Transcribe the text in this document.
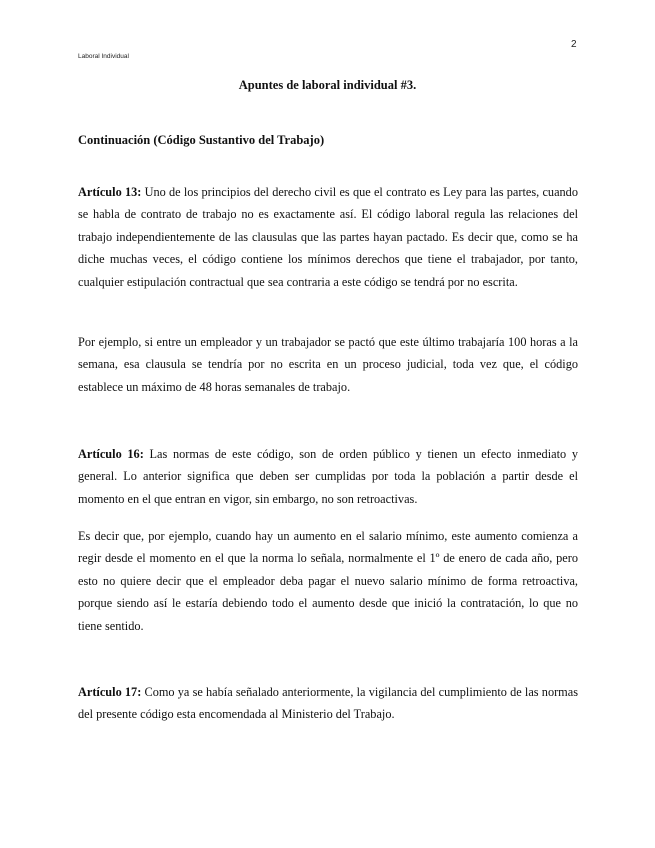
Laboral Individual
2
Apuntes de laboral individual #3.
Continuación (Código Sustantivo del Trabajo)

Artículo 13: Uno de los principios del derecho civil es que el contrato es Ley para las partes, cuando se habla de contrato de trabajo no es exactamente así. El código laboral regula las relaciones del trabajo independientemente de las clausulas que las partes hayan pactado. Es decir que, como se ha diche muchas veces, el código contiene los mínimos derechos que tiene el trabajador, por tanto, cualquier estipulación contractual que sea contraria a este código se tendrá por no escrita.

Por ejemplo, si entre un empleador y un trabajador se pactó que este último trabajaría 100 horas a la semana, esa clausula se tendría por no escrita en un proceso judicial, toda vez que, el código establece un máximo de 48 horas semanales de trabajo.

Artículo 16: Las normas de este código, son de orden público y tienen un efecto inmediato y general. Lo anterior significa que deben ser cumplidas por toda la población a partir desde el momento en el que entran en vigor, sin embargo, no son retroactivas.

Es decir que, por ejemplo, cuando hay un aumento en el salario mínimo, este aumento comienza a regir desde el momento en el que la norma lo señala, normalmente el 1º de enero de cada año, pero esto no quiere decir que el empleador deba pagar el nuevo salario mínimo de forma retroactiva, porque siendo así le estaría debiendo todo el aumento desde que inició la contratación, lo que no tiene sentido.

Artículo 17: Como ya se había señalado anteriormente, la vigilancia del cumplimiento de las normas del presente código esta encomendada al Ministerio del Trabajo.
